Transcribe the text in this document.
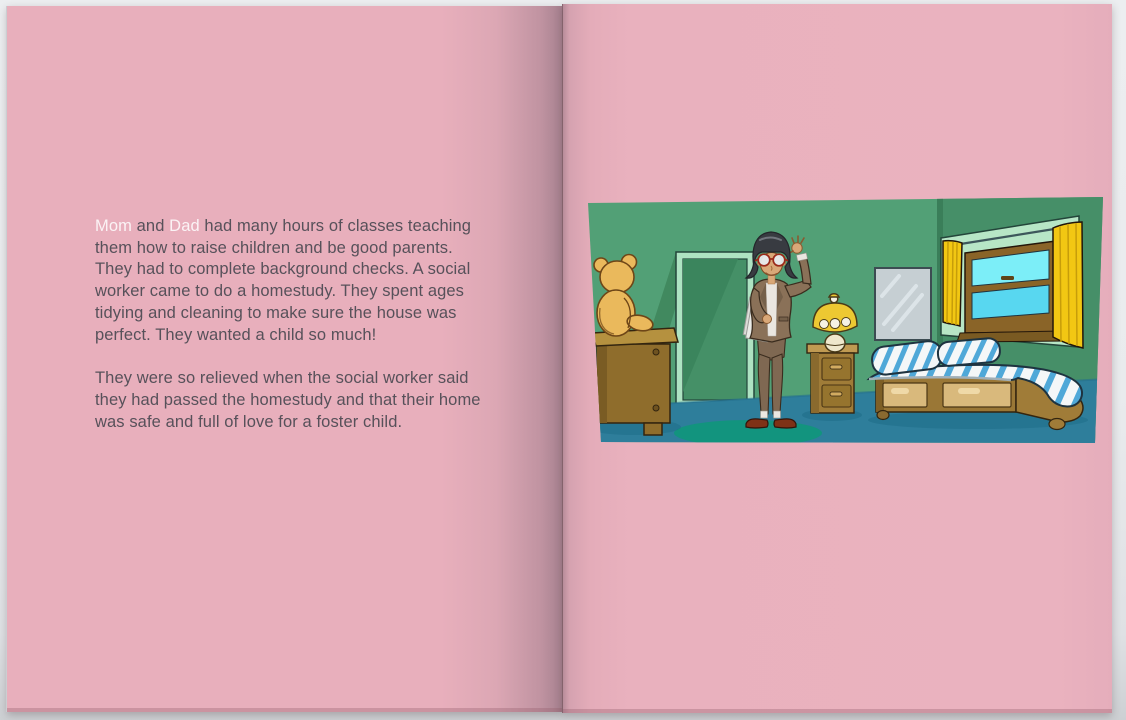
Mom and Dad had many hours of classes teaching
them how to raise children and be good parents.
They had to complete background checks. A social
worker came to do a homestudy. They spent ages
tidying and cleaning to make sure the house was
perfect. They wanted a child so much!
They were so relieved when the social worker said
they had passed the homestudy and that their home
was safe and full of love for a foster child.
